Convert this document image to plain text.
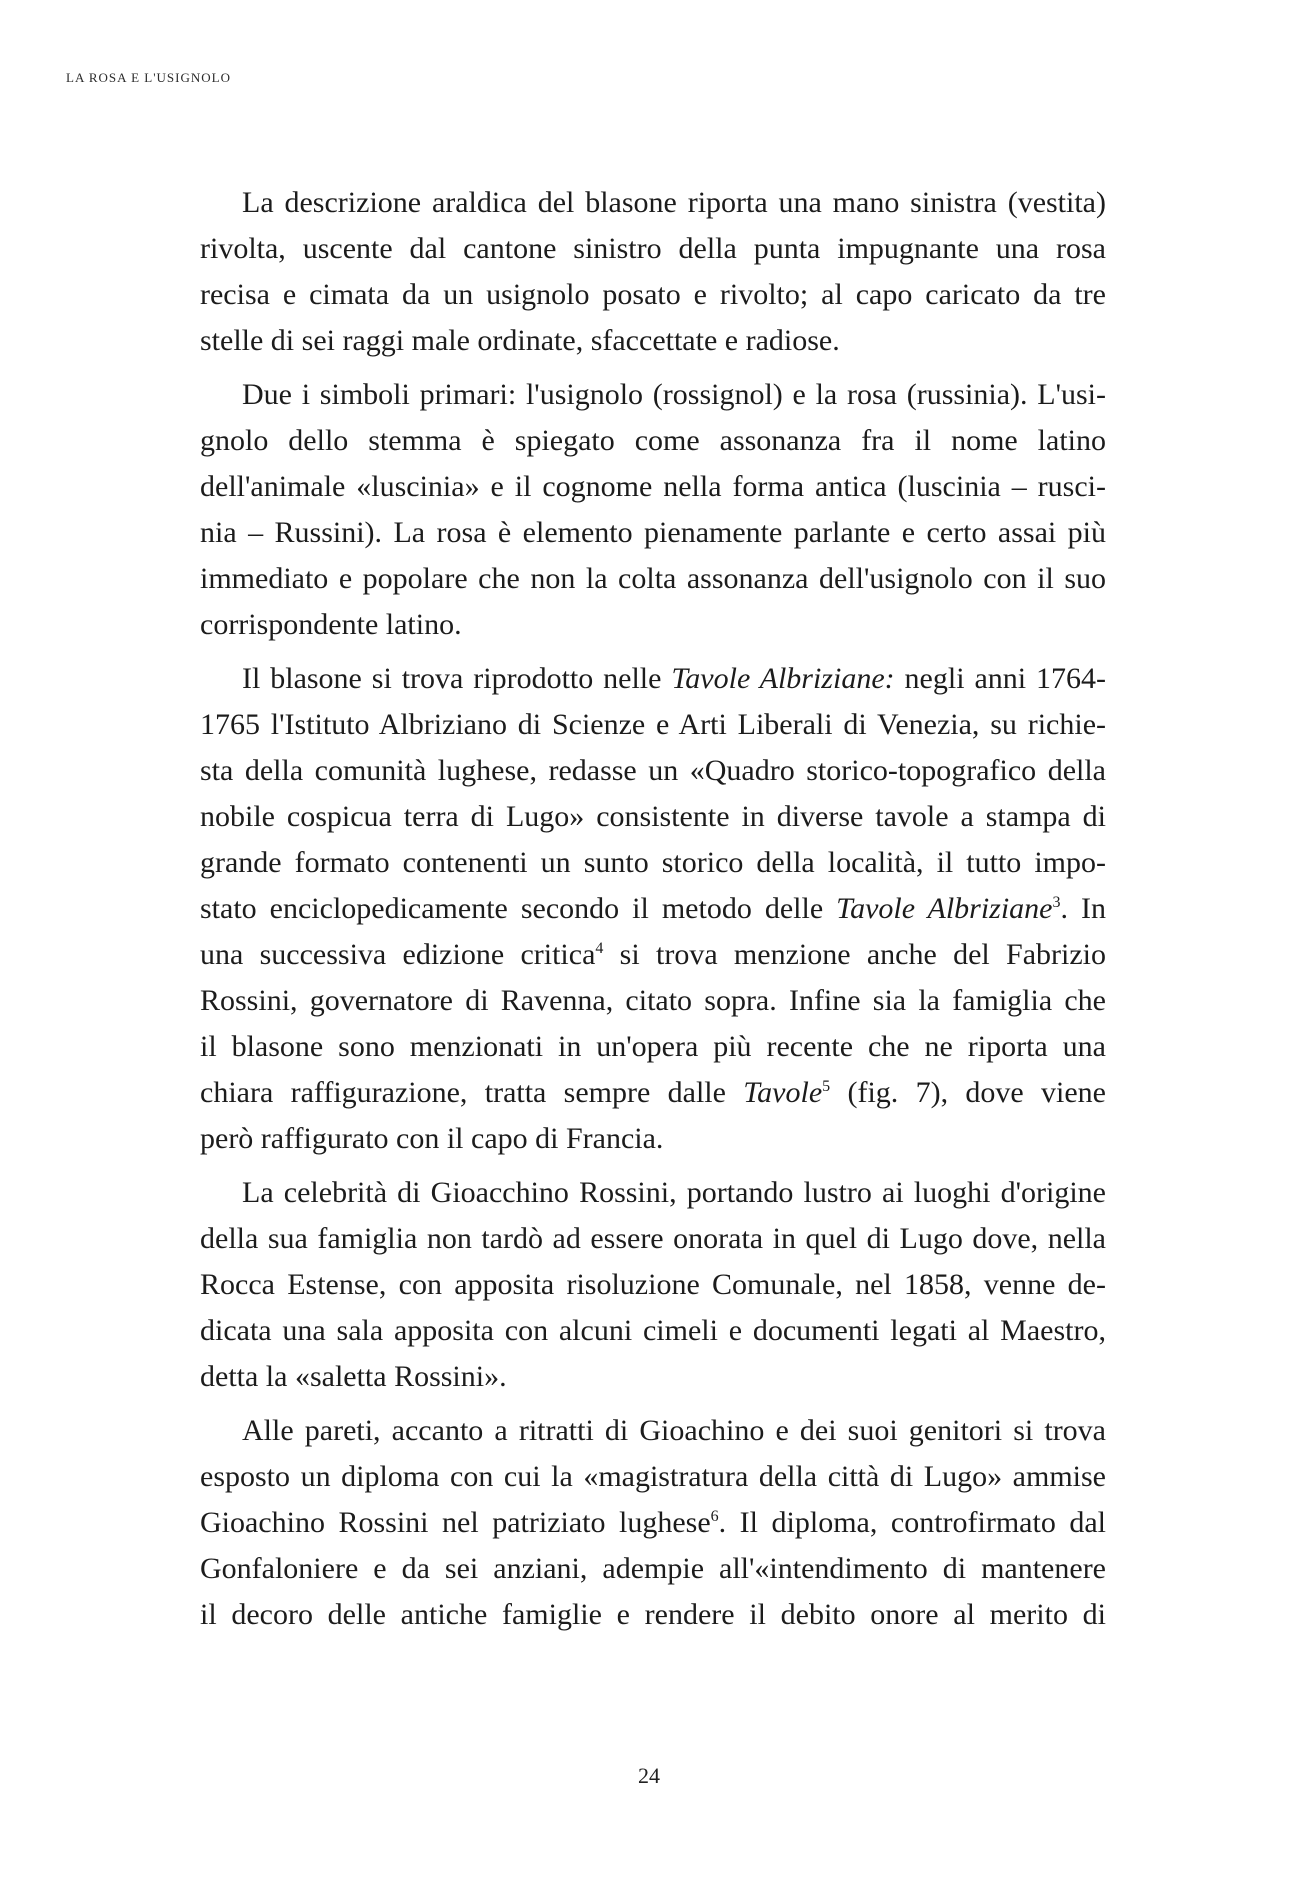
LA ROSA E L'USIGNOLO

La descrizione araldica del blasone riporta una mano sinistra (vestita)
rivolta, uscente dal cantone sinistro della punta impugnante una rosa
recisa e cimata da un usignolo posato e rivolto; al capo caricato da tre
stelle di sei raggi male ordinate, sfaccettate e radiose.

Due i simboli primari: l'usignolo (rossignol) e la rosa (russinia). L'usi-
gnolo dello stemma è spiegato come assonanza fra il nome latino
dell'animale «luscinia» e il cognome nella forma antica (luscinia – rusci-
nia – Russini). La rosa è elemento pienamente parlante e certo assai più
immediato e popolare che non la colta assonanza dell'usignolo con il suo
corrispondente latino.

Il blasone si trova riprodotto nelle Tavole Albriziane: negli anni 1764-
1765 l'Istituto Albriziano di Scienze e Arti Liberali di Venezia, su richie-
sta della comunità lughese, redasse un «Quadro storico-topografico della
nobile cospicua terra di Lugo» consistente in diverse tavole a stampa di
grande formato contenenti un sunto storico della località, il tutto impo-
stato enciclopedicamente secondo il metodo delle Tavole Albriziane$^3$. In
una successiva edizione critica$^4$ si trova menzione anche del Fabrizio
Rossini, governatore di Ravenna, citato sopra. Infine sia la famiglia che
il blasone sono menzionati in un'opera più recente che ne riporta una
chiara raffigurazione, tratta sempre dalle Tavole$^5$ (fig. 7), dove viene
però raffigurato con il capo di Francia.

La celebrità di Gioacchino Rossini, portando lustro ai luoghi d'origine
della sua famiglia non tardò ad essere onorata in quel di Lugo dove, nella
Rocca Estense, con apposita risoluzione Comunale, nel 1858, venne de-
dicata una sala apposita con alcuni cimeli e documenti legati al Maestro,
detta la «saletta Rossini».

Alle pareti, accanto a ritratti di Gioachino e dei suoi genitori si trova
esposto un diploma con cui la «magistratura della città di Lugo» ammise
Gioachino Rossini nel patriziato lughese$^6$. Il diploma, controfirmato dal
Gonfaloniere e da sei anziani, adempie all'«intendimento di mantenere
il decoro delle antiche famiglie e rendere il debito onore al merito di

24
